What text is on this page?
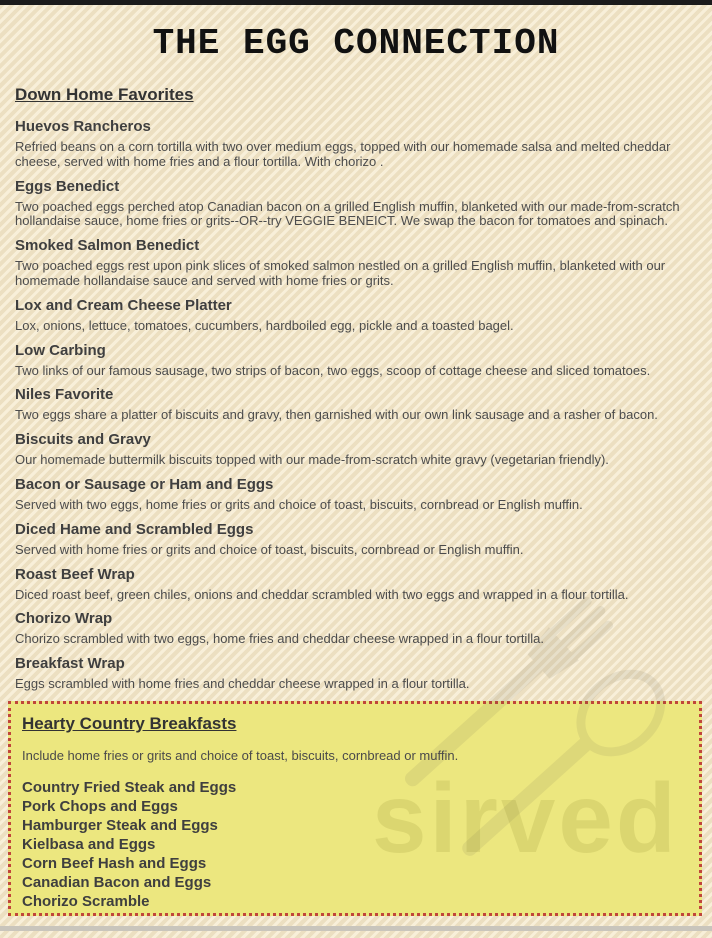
THE EGG CONNECTION
Down Home Favorites
Huevos Rancheros

Refried beans on a corn tortilla with two over medium eggs, topped with our homemade salsa and melted cheddar cheese, served with home fries and a flour tortilla. With chorizo .

Eggs Benedict

Two poached eggs perched atop Canadian bacon on a grilled English muffin, blanketed with our made-from-scratch hollandaise sauce, home fries or grits--OR--try VEGGIE BENEICT. We swap the bacon for tomatoes and spinach.

Smoked Salmon Benedict

Two poached eggs rest upon pink slices of smoked salmon nestled on a grilled English muffin, blanketed with our homemade hollandaise sauce and served with home fries or grits.

Lox and Cream Cheese Platter

Lox, onions, lettuce, tomatoes, cucumbers, hardboiled egg, pickle and a toasted bagel.

Low Carbing

Two links of our famous sausage, two strips of bacon, two eggs, scoop of cottage cheese and sliced tomatoes.

Niles Favorite

Two eggs share a platter of biscuits and gravy, then garnished with our own link sausage and a rasher of bacon.

Biscuits and Gravy

Our homemade buttermilk biscuits topped with our made-from-scratch white gravy (vegetarian friendly).

Bacon or Sausage or Ham and Eggs

Served with two eggs, home fries or grits and choice of toast, biscuits, cornbread or English muffin.

Diced Hame and Scrambled Eggs

Served with home fries or grits and choice of toast, biscuits, cornbread or English muffin.

Roast Beef Wrap

Diced roast beef, green chiles, onions and cheddar scrambled with two eggs and wrapped in a flour tortilla.

Chorizo Wrap

Chorizo scrambled with two eggs, home fries and cheddar cheese wrapped in a flour tortilla.

Breakfast Wrap

Eggs scrambled with home fries and cheddar cheese wrapped in a flour tortilla.

Hearty Country Breakfasts

Include home fries or grits and choice of toast, biscuits, cornbread or muffin.

Country Fried Steak and Eggs
Pork Chops and Eggs
Hamburger Steak and Eggs
Kielbasa and Eggs
Corn Beef Hash and Eggs
Canadian Bacon and Eggs
Chorizo Scramble
